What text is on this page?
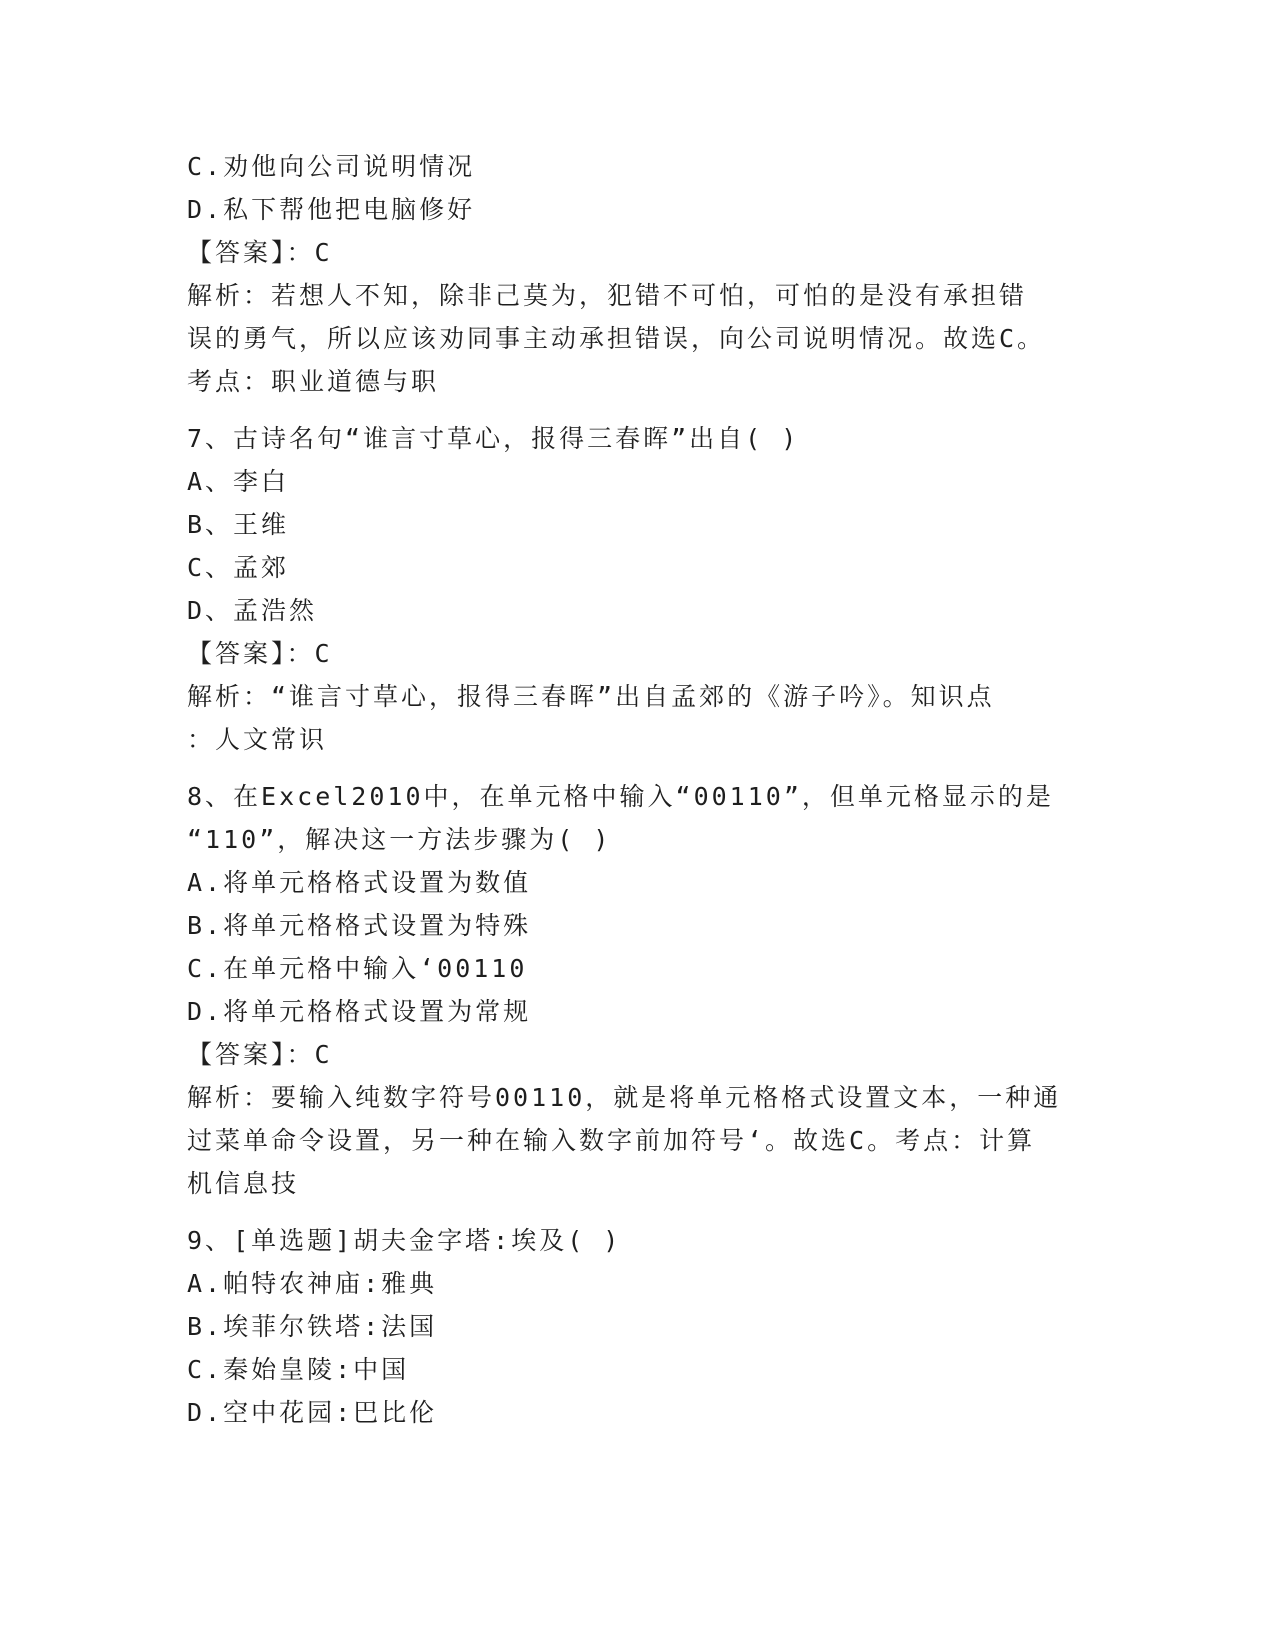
C.劝他向公司说明情况
D.私下帮他把电脑修好
【答案】：C
解析：若想人不知，除非己莫为，犯错不可怕，可怕的是没有承担错
误的勇气，所以应该劝同事主动承担错误，向公司说明情况。故选C。
考点：职业道德与职
7、古诗名句“谁言寸草心，报得三春晖”出自( )
A、李白
B、王维
C、孟郊
D、孟浩然
【答案】：C
解析：“谁言寸草心，报得三春晖”出自孟郊的《游子吟》。知识点
：人文常识
8、在Excel2010中，在单元格中输入“00110”，但单元格显示的是
“110”，解决这一方法步骤为( )
A.将单元格格式设置为数值
B.将单元格格式设置为特殊
C.在单元格中输入‘00110
D.将单元格格式设置为常规
【答案】：C
解析：要输入纯数字符号00110，就是将单元格格式设置文本，一种通
过菜单命令设置，另一种在输入数字前加符号‘。故选C。考点：计算
机信息技
9、[单选题]胡夫金字塔:埃及( )
A.帕特农神庙:雅典
B.埃菲尔铁塔:法国
C.秦始皇陵:中国
D.空中花园:巴比伦
